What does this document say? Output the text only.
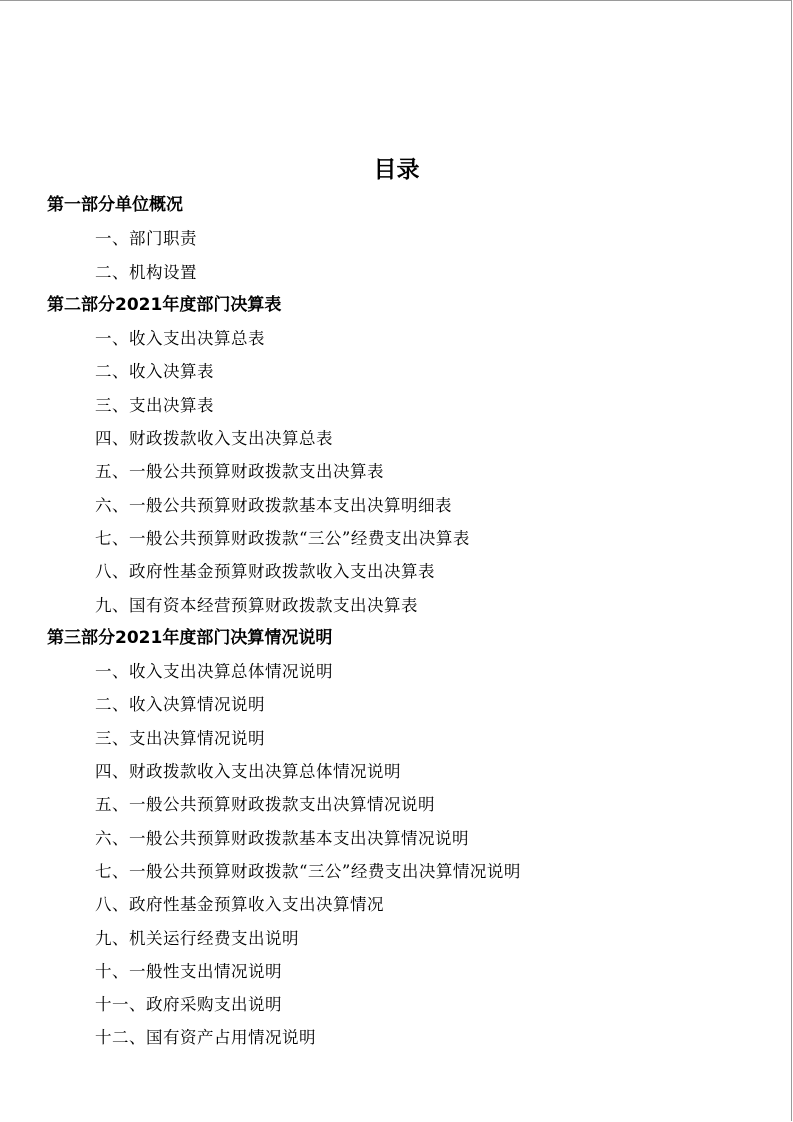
目录
第一部分单位概况
一、部门职责
二、机构设置
第二部分2021年度部门决算表
一、收入支出决算总表
二、收入决算表
三、支出决算表
四、财政拨款收入支出决算总表
五、一般公共预算财政拨款支出决算表
六、一般公共预算财政拨款基本支出决算明细表
七、一般公共预算财政拨款“三公”经费支出决算表
八、政府性基金预算财政拨款收入支出决算表
九、国有资本经营预算财政拨款支出决算表
第三部分2021年度部门决算情况说明
一、收入支出决算总体情况说明
二、收入决算情况说明
三、支出决算情况说明
四、财政拨款收入支出决算总体情况说明
五、一般公共预算财政拨款支出决算情况说明
六、一般公共预算财政拨款基本支出决算情况说明
七、一般公共预算财政拨款“三公”经费支出决算情况说明
八、政府性基金预算收入支出决算情况
九、机关运行经费支出说明
十、一般性支出情况说明
十一、政府采购支出说明
十二、国有资产占用情况说明
